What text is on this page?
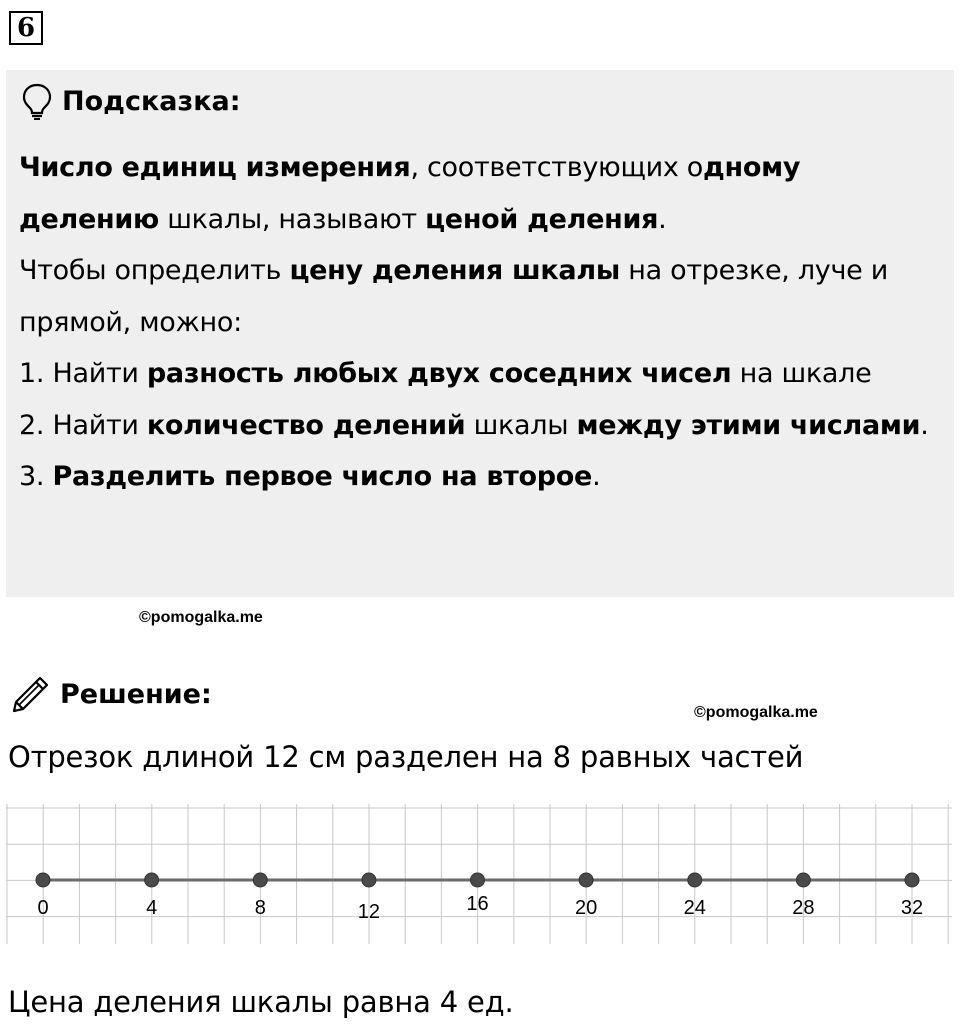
6
Подсказка:

Число единиц измерения, соответствующих одному
делению шкалы, называют ценой деления.

Чтобы определить цену деления шкалы на отрезке, луче и прямой, можно:

1. Найти разность любых двух соседних чисел на шкале

2. Найти количество делений шкалы между этими числами.

3. Разделить первое число на второе.

©pomogalka.me
Решение:
©pomogalka.me
Отрезок длиной 12 см разделен на 8 равных частей
0	4	8	12	16	20	24	28	32
Цена деления шкалы равна 4 ед.
